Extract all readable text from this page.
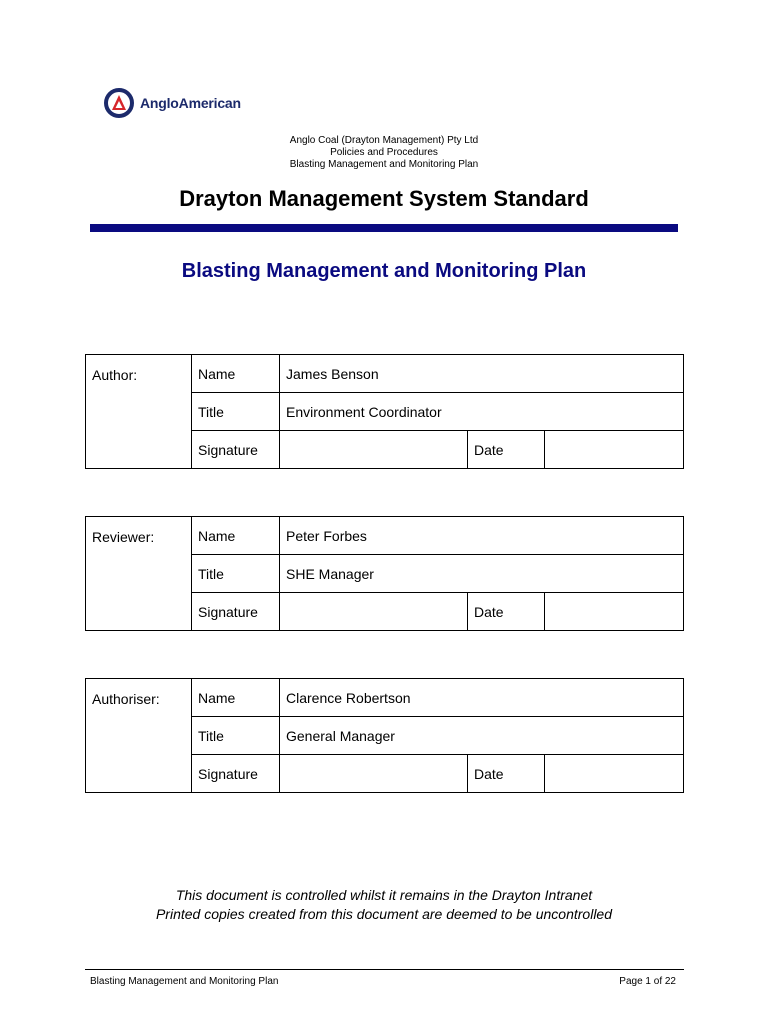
AngloAmerican
Anglo Coal (Drayton Management) Pty Ltd
Policies and Procedures
Blasting Management and Monitoring Plan
Drayton Management System Standard
Blasting Management and Monitoring Plan
Author:	Name	James Benson		
	Title	Environment Coordinator		
	Signature		Date	
Reviewer:	Name	Peter Forbes		
	Title	SHE Manager		
	Signature		Date	
Authoriser:	Name	Clarence Robertson		
	Title	General Manager		
	Signature		Date	
This document is controlled whilst it remains in the Drayton Intranet
Printed copies created from this document are deemed to be uncontrolled
Blasting Management and Monitoring Plan	Page 1 of 22
